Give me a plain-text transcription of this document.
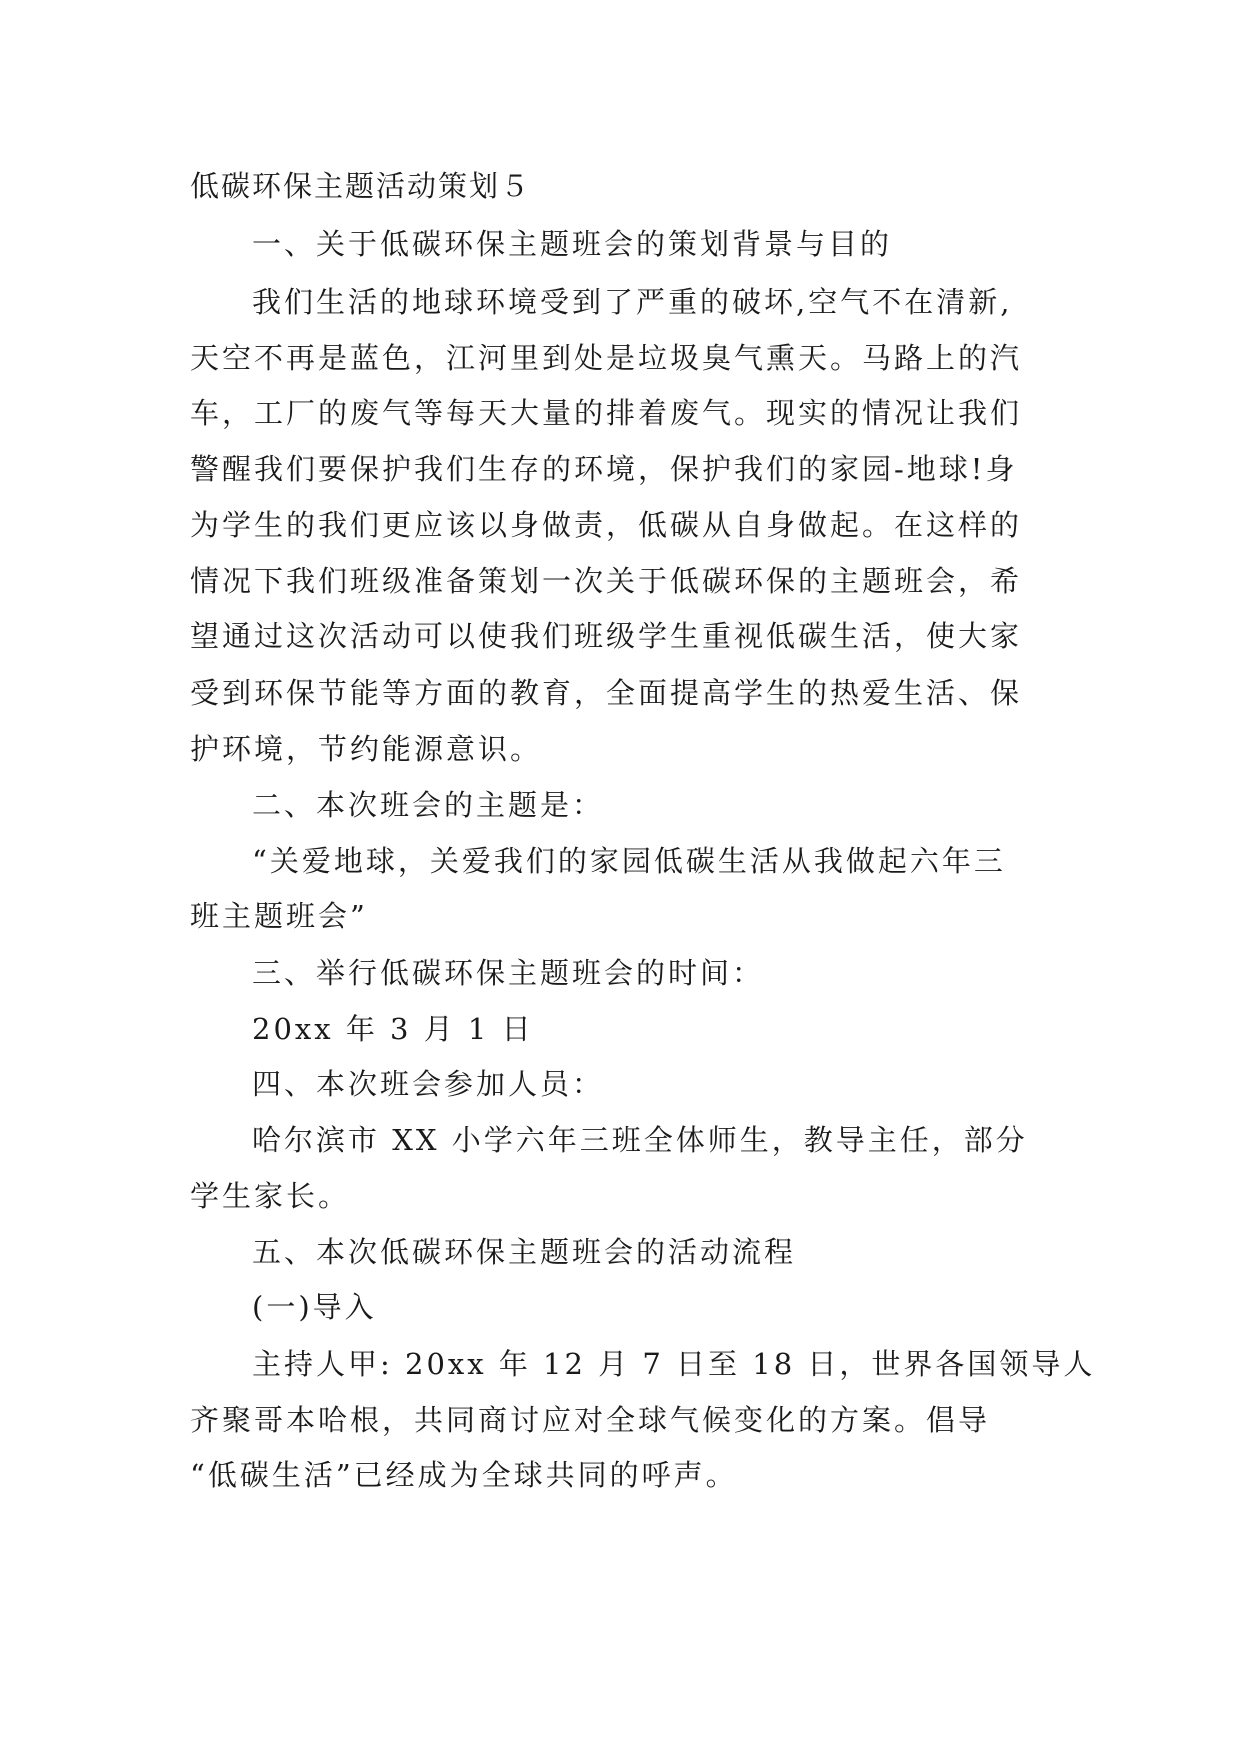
低碳环保主题活动策划５
一、关于低碳环保主题班会的策划背景与目的
我们生活的地球环境受到了严重的破坏,空气不在清新,
天空不再是蓝色，江河里到处是垃圾臭气熏天。马路上的汽
车，工厂的废气等每天大量的排着废气。现实的情况让我们
警醒我们要保护我们生存的环境，保护我们的家园-地球!身
为学生的我们更应该以身做责，低碳从自身做起。在这样的
情况下我们班级准备策划一次关于低碳环保的主题班会，希
望通过这次活动可以使我们班级学生重视低碳生活，使大家
受到环保节能等方面的教育，全面提高学生的热爱生活、保
护环境，节约能源意识。
二、本次班会的主题是：
“关爱地球，关爱我们的家园低碳生活从我做起六年三
班主题班会”
三、举行低碳环保主题班会的时间：
20xx 年 3 月 1 日
四、本次班会参加人员：
哈尔滨市 XX 小学六年三班全体师生，教导主任，部分
学生家长。
五、本次低碳环保主题班会的活动流程
(一)导入
主持人甲: 20xx 年 12 月 7 日至 18 日，世界各国领导人
齐聚哥本哈根，共同商讨应对全球气候变化的方案。倡导
“低碳生活”已经成为全球共同的呼声。
